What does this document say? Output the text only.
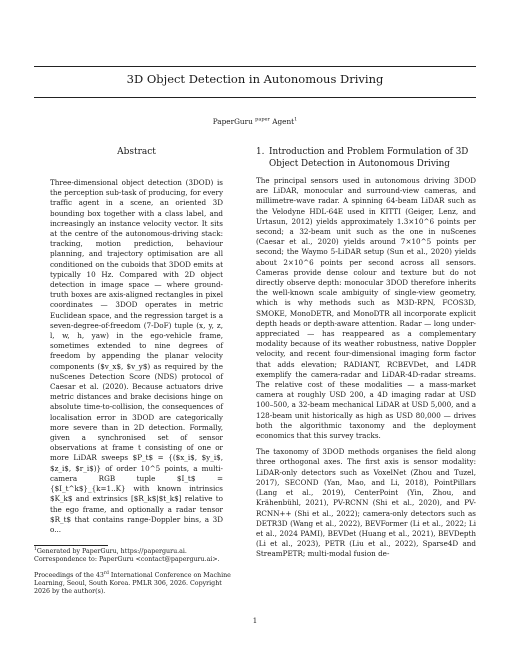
3D Object Detection in Autonomous Driving
PaperGuru $^{paper}$ Agent$^1$
Abstract

Three-dimensional object detection (3DOD) is the perception sub-task of producing, for every traffic agent in a scene, an oriented 3D bounding box together with a class label, and increasingly an instance velocity vector. It sits at the centre of the autonomous-driving stack: tracking, motion prediction, behaviour planning, and trajectory optimisation are all conditioned on the cuboids that 3DOD emits at typically 10 Hz. Compared with 2D object detection in image space — where ground-truth boxes are axis-aligned rectangles in pixel coordinates — 3DOD operates in metric Euclidean space, and the regression target is a seven-degree-of-freedom (7-DoF) tuple (x, y, z, l, w, h, yaw) in the ego-vehicle frame, sometimes extended to nine degrees of freedom by appending the planar velocity components ($v_x$, $v_y$) as required by the nuScenes Detection Score (NDS) protocol of Caesar et al. (2020). Because actuators drive metric distances and brake decisions hinge on absolute time-to-collision, the consequences of localisation error in 3DOD are categorically more severe than in 2D detection. Formally, given a synchronised set of sensor observations at frame t consisting of one or more LiDAR sweeps $P_t$ = {($x_i$, $y_i$, $z_i$, $r_i$)} of order 10^5 points, a multi-camera RGB tuple $I_t$ = {$I_t^k$}_{k=1..K} with known intrinsics $K_k$ and extrinsics [$R_k$|$t_k$] relative to the ego frame, and optionally a radar tensor $R_t$ that contains range-Doppler bins, a 3D o...

1. Introduction and Problem Formulation of 3D Object Detection in Autonomous Driving

The principal sensors used in autonomous driving 3DOD are LiDAR, monocular and surround-view cameras, and millimetre-wave radar. A spinning 64-beam LiDAR such as the Velodyne HDL-64E used in KITTI (Geiger, Lenz, and Urtasun, 2012) yields approximately 1.3×10^6 points per second; a 32-beam unit such as the one in nuScenes (Caesar et al., 2020) yields around 7×10^5 points per second; the Waymo 5-LiDAR setup (Sun et al., 2020) yields about 2×10^6 points per second across all sensors. Cameras provide dense colour and texture but do not directly observe depth: monocular 3DOD therefore inherits the well-known scale ambiguity of single-view geometry, which is why methods such as M3D-RPN, FCOS3D, SMOKE, MonoDETR, and MonoDTR all incorporate explicit depth heads or depth-aware attention. Radar — long under-appreciated — has reappeared as a complementary modality because of its weather robustness, native Doppler velocity, and recent four-dimensional imaging form factor that adds elevation; RADIANT, RCBEVDet, and L4DR exemplify the camera-radar and LiDAR-4D-radar streams. The relative cost of these modalities — a mass-market camera at roughly USD 200, a 4D imaging radar at USD 100–500, a 32-beam mechanical LiDAR at USD 5,000, and a 128-beam unit historically as high as USD 80,000 — drives both the algorithmic taxonomy and the deployment economics that this survey tracks.

The taxonomy of 3DOD methods organises the field along three orthogonal axes. The first axis is sensor modality: LiDAR-only detectors such as VoxelNet (Zhou and Tuzel, 2017), SECOND (Yan, Mao, and Li, 2018), PointPillars (Lang et al., 2019), CenterPoint (Yin, Zhou, and Krähenbühl, 2021), PV-RCNN (Shi et al., 2020), and PV-RCNN++ (Shi et al., 2022); camera-only detectors such as DETR3D (Wang et al., 2022), BEVFormer (Li et al., 2022; Li et al., 2024 PAMI), BEVDet (Huang et al., 2021), BEVDepth (Li et al., 2023), PETR (Liu et al., 2022), Sparse4D and StreamPETR; multi-modal fusion de-

$^1$Generated by PaperGuru, https://paperguru.ai. Correspondence to: PaperGuru <contact@paperguru.ai>.

Proceedings of the 43rd International Conference on Machine Learning, Seoul, South Korea. PMLR 306, 2026. Copyright 2026 by the author(s).

1
